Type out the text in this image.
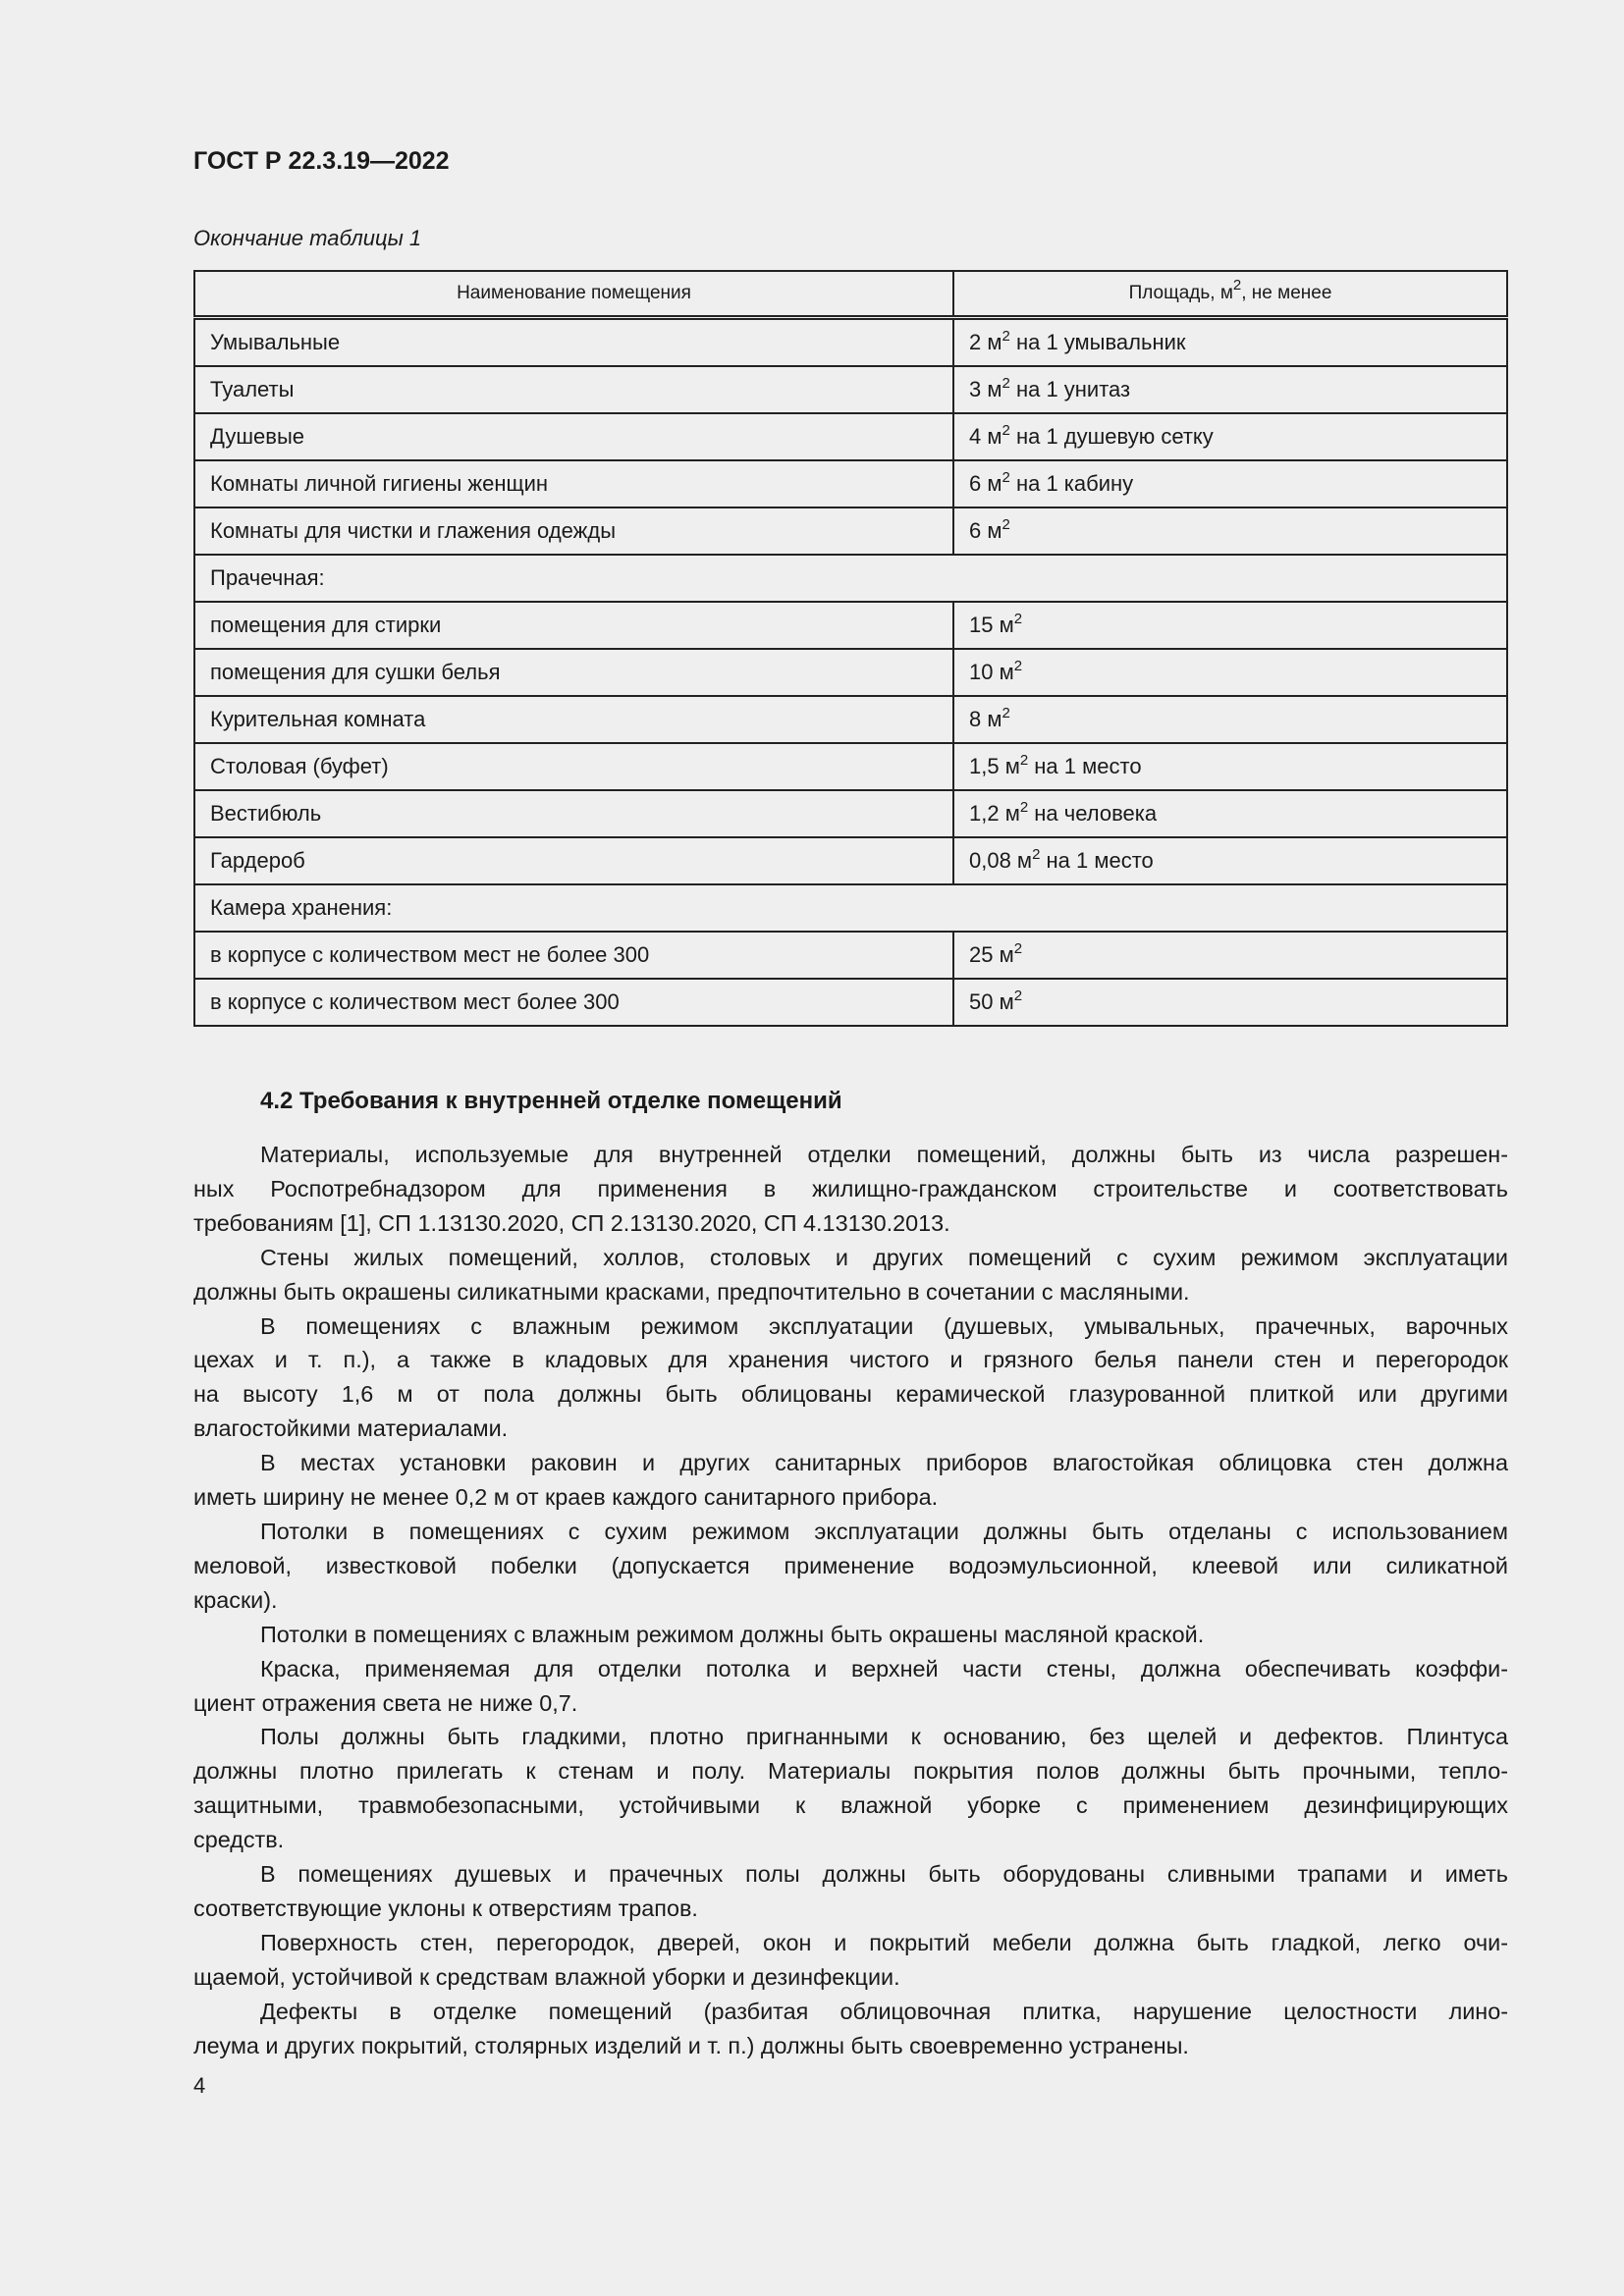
ГОСТ Р 22.3.19—2022
Окончание таблицы 1
Наименование помещения	Площадь, $м^2$, не менее
Умывальные	2 $м^2$ на 1 умывальник
Туалеты	3 $м^2$ на 1 унитаз
Душевые	4 $м^2$ на 1 душевую сетку
Комнаты личной гигиены женщин	6 $м^2$ на 1 кабину
Комнаты для чистки и глажения одежды	6 $м^2$
Прачечная:	
помещения для стирки	15 $м^2$
помещения для сушки белья	10 $м^2$
Курительная комната	8 $м^2$
Столовая (буфет)	1,5 $м^2$ на 1 место
Вестибюль	1,2 $м^2$ на человека
Гардероб	0,08 $м^2$ на 1 место
Камера хранения:	
в корпусе с количеством мест не более 300	25 $м^2$
в корпусе с количеством мест более 300	50 $м^2$
4.2 Требования к внутренней отделке помещений
Материалы, используемые для внутренней отделки помещений, должны быть из числа разрешен-
ных Роспотребнадзором для применения в жилищно-гражданском строительстве и соответствовать
требованиям [1], СП 1.13130.2020, СП 2.13130.2020, СП 4.13130.2013.
Стены жилых помещений, холлов, столовых и других помещений с сухим режимом эксплуатации
должны быть окрашены силикатными красками, предпочтительно в сочетании с масляными.
В помещениях с влажным режимом эксплуатации (душевых, умывальных, прачечных, варочных
цехах и т. п.), а также в кладовых для хранения чистого и грязного белья панели стен и перегородок
на высоту 1,6 м от пола должны быть облицованы керамической глазурованной плиткой или другими
влагостойкими материалами.
В местах установки раковин и других санитарных приборов влагостойкая облицовка стен должна
иметь ширину не менее 0,2 м от краев каждого санитарного прибора.
Потолки в помещениях с сухим режимом эксплуатации должны быть отделаны с использованием
меловой, известковой побелки (допускается применение водоэмульсионной, клеевой или силикатной
краски).
Потолки в помещениях с влажным режимом должны быть окрашены масляной краской.
Краска, применяемая для отделки потолка и верхней части стены, должна обеспечивать коэффи-
циент отражения света не ниже 0,7.
Полы должны быть гладкими, плотно пригнанными к основанию, без щелей и дефектов. Плинтуса
должны плотно прилегать к стенам и полу. Материалы покрытия полов должны быть прочными, тепло-
защитными, травмобезопасными, устойчивыми к влажной уборке с применением дезинфицирующих
средств.
В помещениях душевых и прачечных полы должны быть оборудованы сливными трапами и иметь
соответствующие уклоны к отверстиям трапов.
Поверхность стен, перегородок, дверей, окон и покрытий мебели должна быть гладкой, легко очи-
щаемой, устойчивой к средствам влажной уборки и дезинфекции.
Дефекты в отделке помещений (разбитая облицовочная плитка, нарушение целостности лино-
леума и других покрытий, столярных изделий и т. п.) должны быть своевременно устранены.
4
